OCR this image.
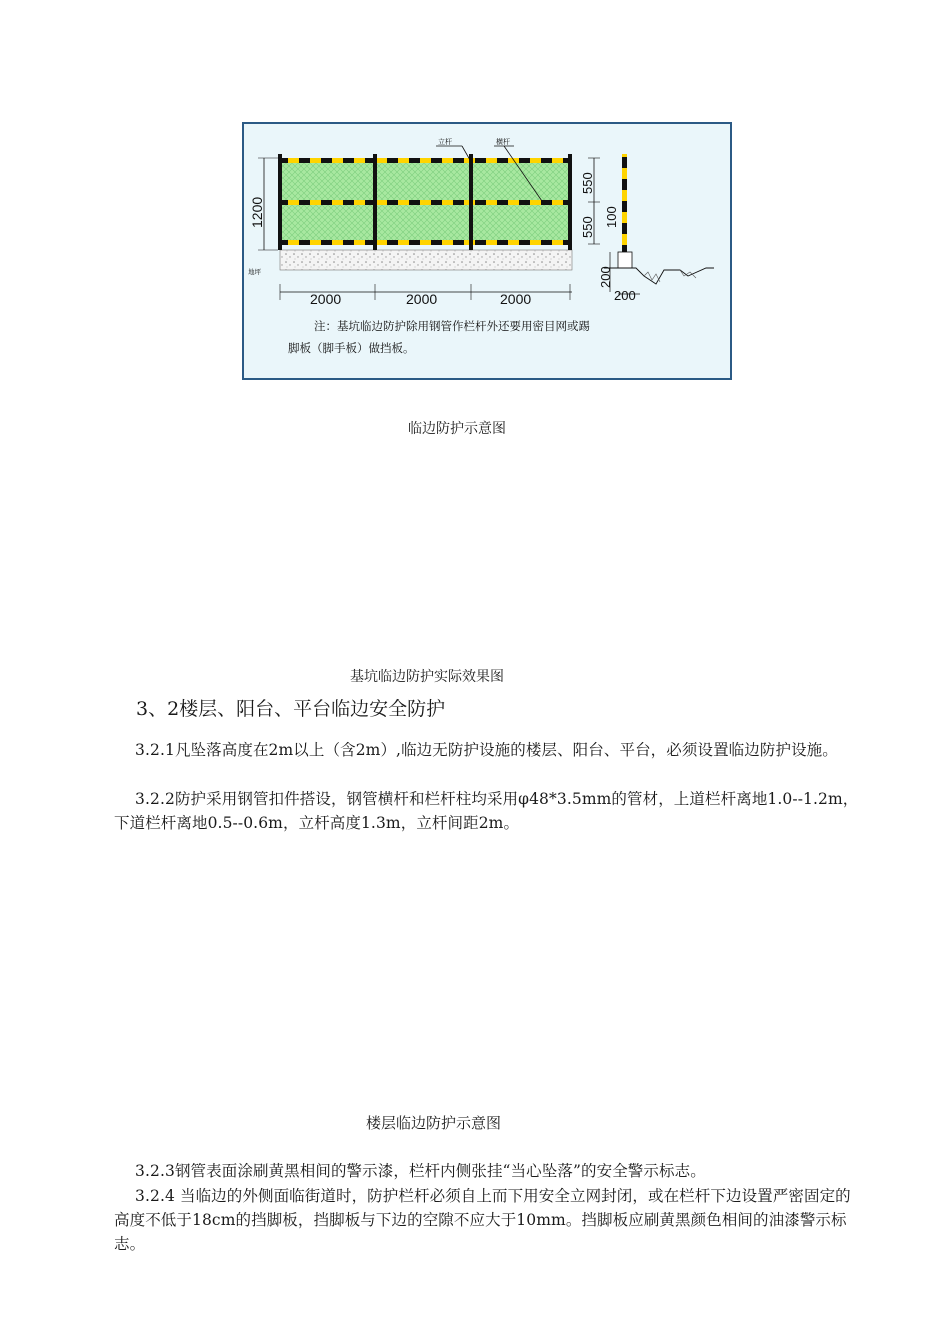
立杆	横杆
地坪
1200
2000	2000	2000
550
550 100
200
200
注：基坑临边防护除用钢管作栏杆外还要用密目网或踢
脚板（脚手板）做挡板。
临边防护示意图
基坑临边防护实际效果图
3、2楼层、阳台、平台临边安全防护

3.2.1凡坠落高度在2m以上（含2m）,临边无防护设施的楼层、阳台、平台，必须设置临边防护设施。

3.2.2防护采用钢管扣件搭设，钢管横杆和栏杆柱均采用φ48*3.5mm的管材，上道栏杆离地1.0--1.2m，下道栏杆离地0.5--0.6m，立杆高度1.3m，立杆间距2m。

楼层临边防护示意图

3.2.3钢管表面涂刷黄黑相间的警示漆，栏杆内侧张挂“当心坠落”的安全警示标志。

3.2.4 当临边的外侧面临街道时，防护栏杆必须自上而下用安全立网封闭，或在栏杆下边设置严密固定的高度不低于18cm的挡脚板，挡脚板与下边的空隙不应大于10mm。挡脚板应刷黄黑颜色相间的油漆警示标志。
